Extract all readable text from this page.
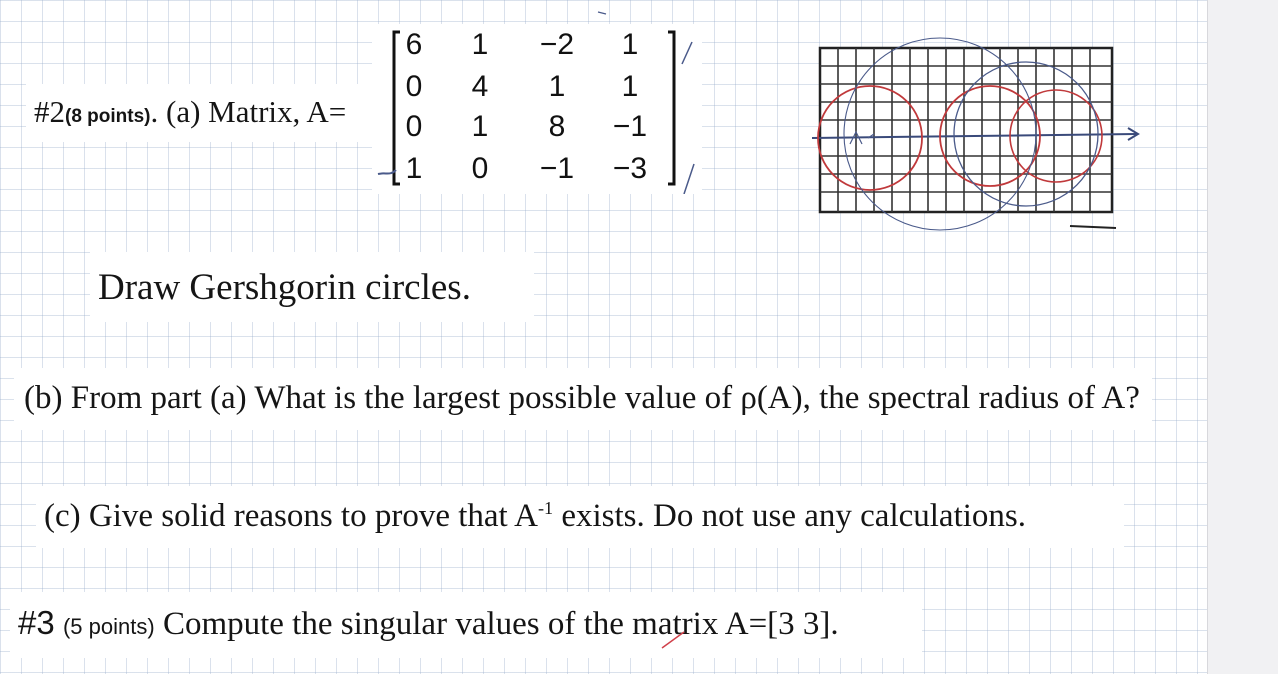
#2(8 points). (a) Matrix, A=
6	1	−2	1
0	4	1	1
0	1	8	−1
1	0	−1	−3
Draw Gershgorin circles.
(b) From part (a) What is the largest possible value of ρ(A), the spectral radius of A?
(c) Give solid reasons to prove that $A^{-1}$ exists. Do not use any calculations.
#3 (5 points) Compute the singular values of the matrix A=[3 3].
